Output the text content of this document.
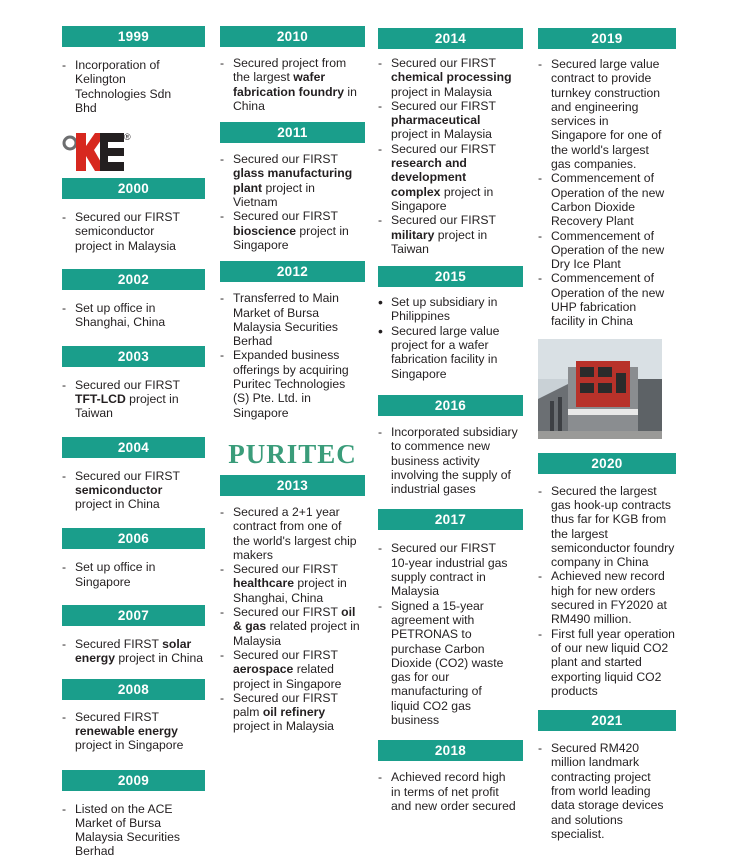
1999
- Incorporation of Kelington Technologies Sdn Bhd
®
2000
- Secured our FIRST semiconductor project in Malaysia
2002
- Set up office in Shanghai, China
2003
- Secured our FIRST TFT-LCD project in Taiwan
2004
- Secured our FIRST semiconductor project in China
2006
- Set up office in Singapore
2007
- Secured FIRST solar energy project in China
2008
- Secured FIRST renewable energy project in Singapore
2009
- Listed on the ACE Market of Bursa Malaysia Securities Berhad
2010
- Secured project from the largest wafer fabrication foundry in China
2011
- Secured our FIRST glass manufacturing plant project in Vietnam
- Secured our FIRST bioscience project in Singapore
2012
- Transferred to Main Market of Bursa Malaysia Securities Berhad
- Expanded business offerings by acquiring Puritec Technologies (S) Pte. Ltd. in Singapore
PURITEC
2013
- Secured a 2+1 year contract from one of the world's largest chip makers
- Secured our FIRST healthcare project in Shanghai, China
- Secured our FIRST oil & gas related project in Malaysia
- Secured our FIRST aerospace related project in Singapore
- Secured our FIRST palm oil refinery project in Malaysia
2014
- Secured our FIRST chemical processing project in Malaysia
- Secured our FIRST pharmaceutical project in Malaysia
- Secured our FIRST research and development complex project in Singapore
- Secured our FIRST military project in Taiwan
2015
• Set up subsidiary in Philippines
• Secured large value project for a wafer fabrication facility in Singapore
2016
- Incorporated subsidiary to commence new business activity involving the supply of industrial gases
2017
- Secured our FIRST 10-year industrial gas supply contract in Malaysia
- Signed a 15-year agreement with PETRONAS to purchase Carbon Dioxide (CO2) waste gas for our manufacturing of liquid CO2 gas business
2018
- Achieved record high in terms of net profit and new order secured
2019
- Secured large value contract to provide turnkey construction and engineering services in Singapore for one of the world's largest gas companies.
- Commencement of Operation of the new Carbon Dioxide Recovery Plant
- Commencement of Operation of the new Dry Ice Plant
- Commencement of Operation of the new UHP fabrication facility in China
2020
- Secured the largest gas hook-up contracts thus far for KGB from the largest semiconductor foundry company in China
- Achieved new record high for new orders secured in FY2020 at RM490 million.
- First full year operation of our new liquid CO2 plant and started exporting liquid CO2 products
2021
- Secured RM420 million landmark contracting project from world leading data storage devices and solutions specialist.
